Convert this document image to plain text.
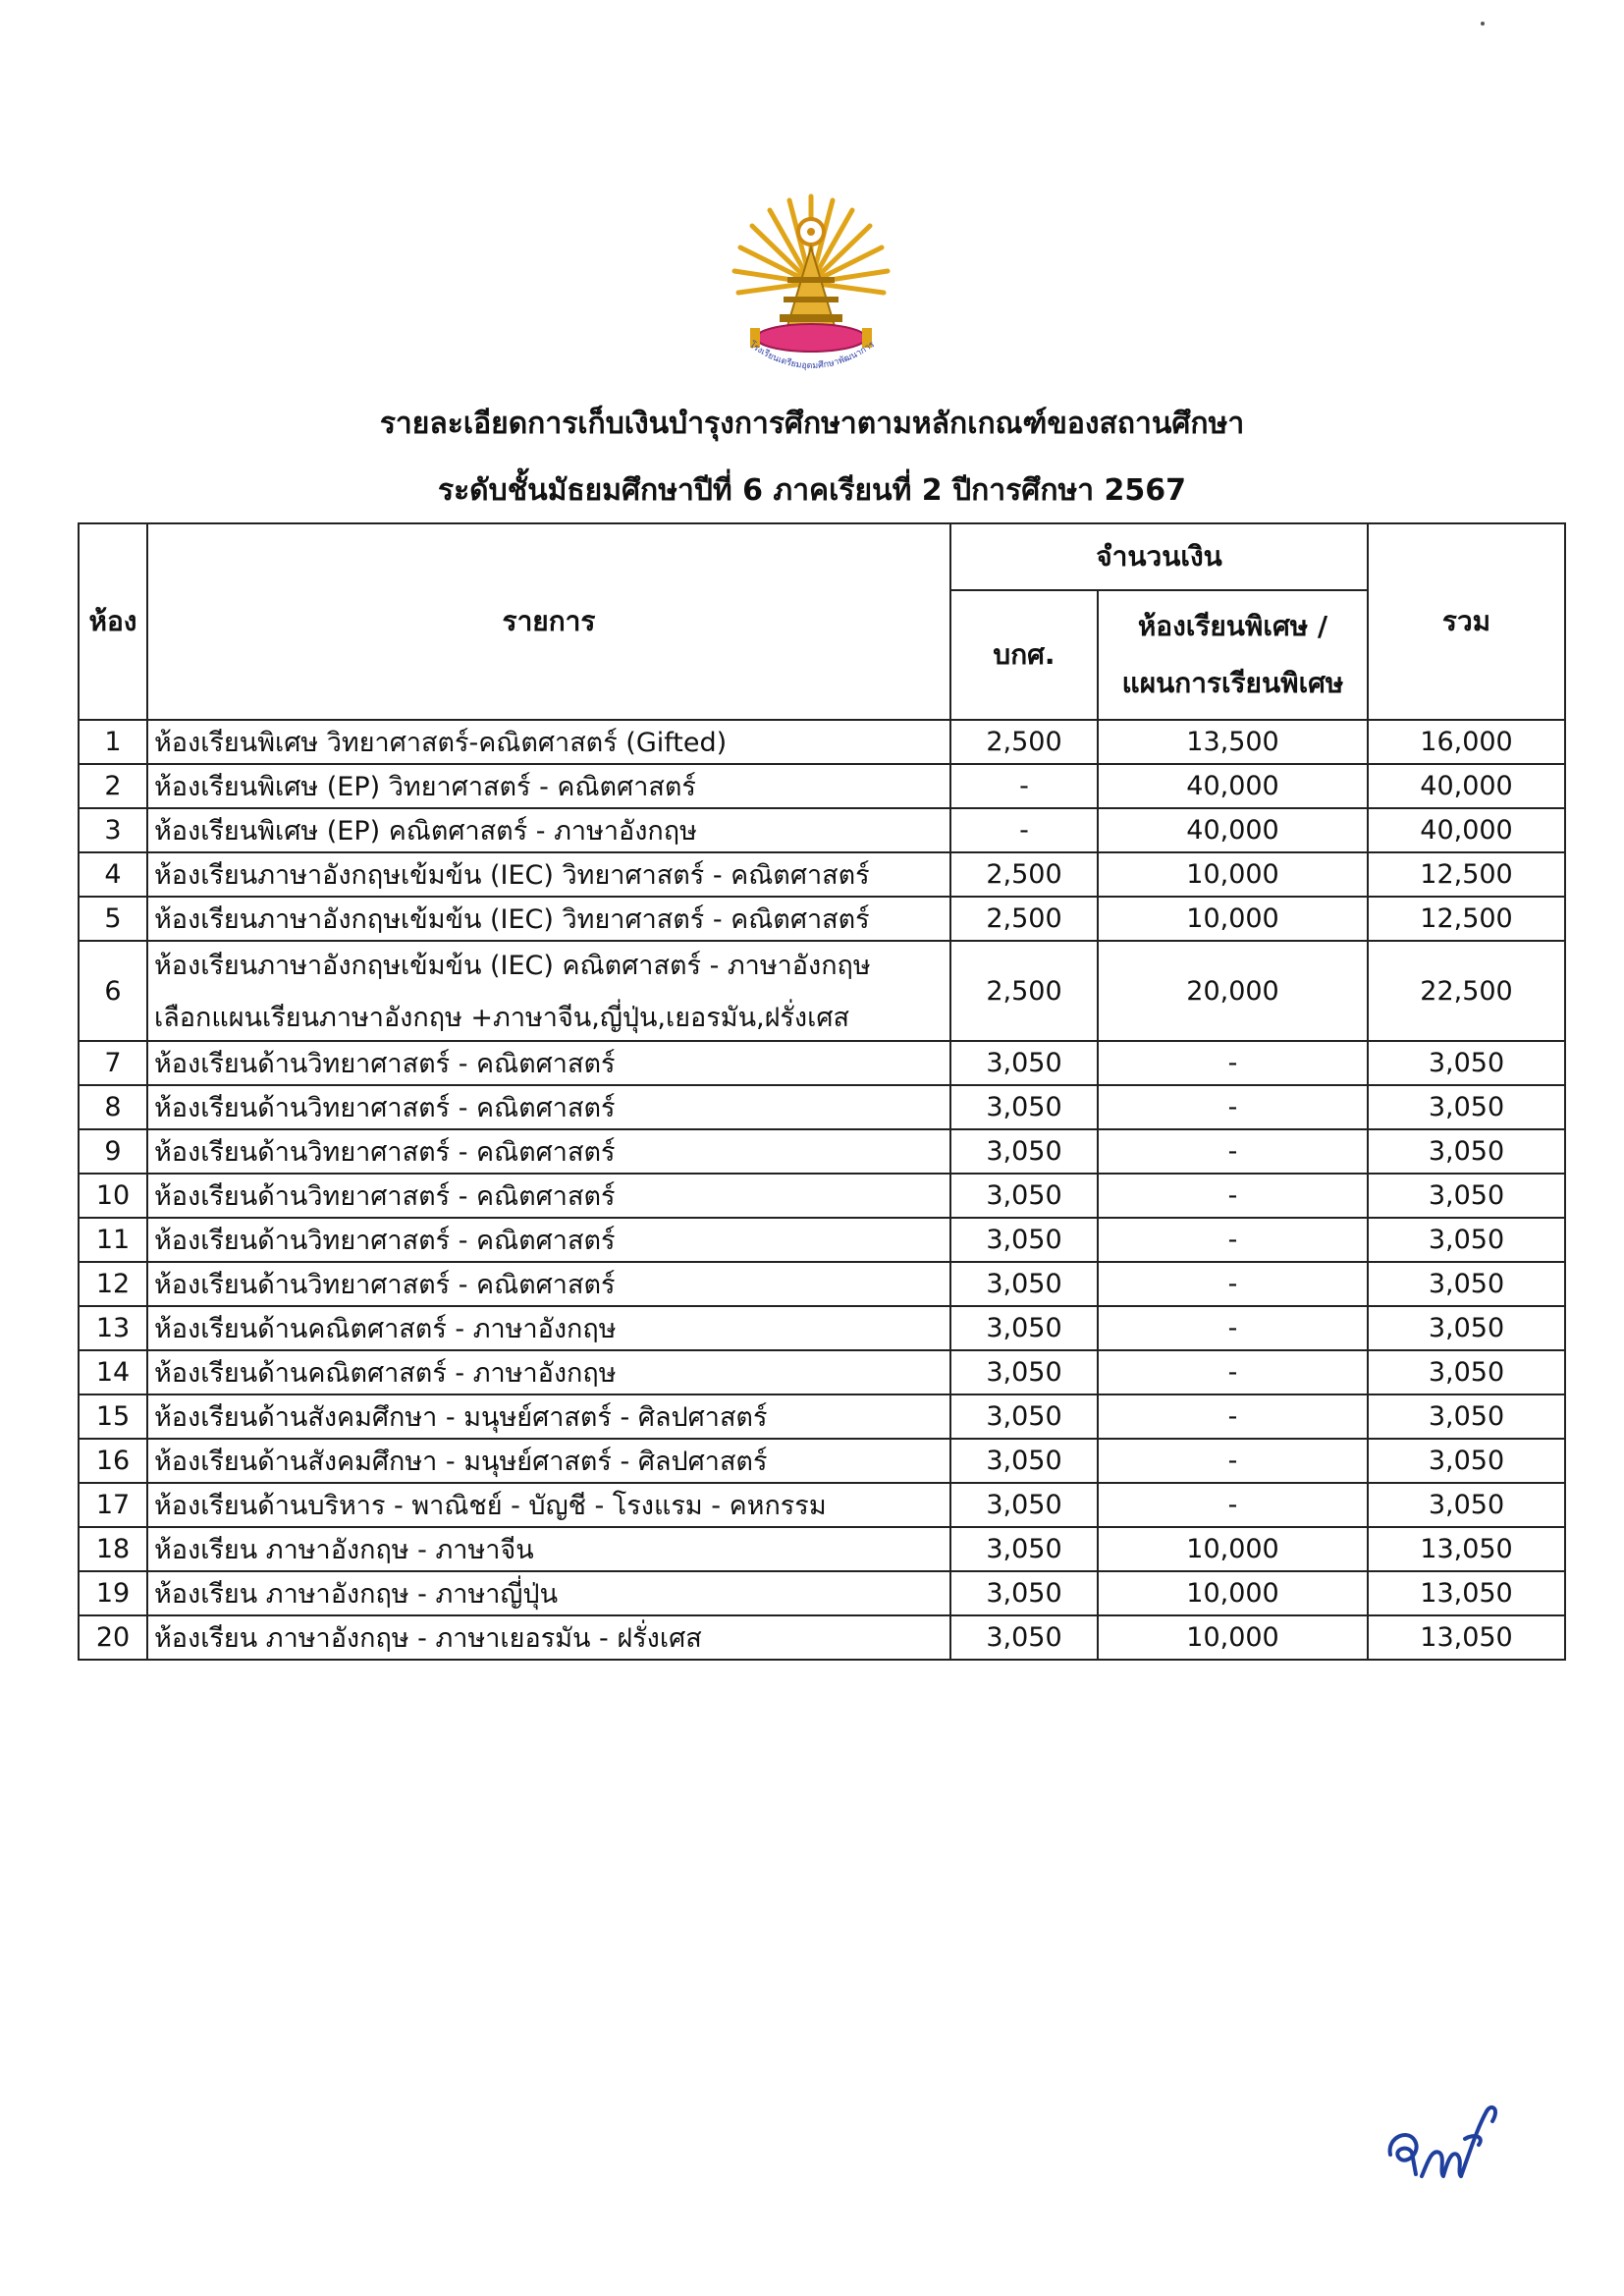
โรงเรียนเตรียมอุดมศึกษาพัฒนาการ
รายละเอียดการเก็บเงินบำรุงการศึกษาตามหลักเกณฑ์ของสถานศึกษา
ระดับชั้นมัธยมศึกษาปีที่ 6 ภาคเรียนที่ 2 ปีการศึกษา 2567
ห้อง	รายการ	จำนวนเงิน		รวม
		บกศ.	ห้องเรียนพิเศษ /
แผนการเรียนพิเศษ	

1	ห้องเรียนพิเศษ วิทยาศาสตร์-คณิตศาสตร์ (Gifted)	2,500	13,500	16,000
2	ห้องเรียนพิเศษ (EP) วิทยาศาสตร์ - คณิตศาสตร์	-	40,000	40,000
3	ห้องเรียนพิเศษ (EP) คณิตศาสตร์ - ภาษาอังกฤษ	-	40,000	40,000
4	ห้องเรียนภาษาอังกฤษเข้มข้น (IEC) วิทยาศาสตร์ - คณิตศาสตร์	2,500	10,000	12,500
5	ห้องเรียนภาษาอังกฤษเข้มข้น (IEC) วิทยาศาสตร์ - คณิตศาสตร์	2,500	10,000	12,500
6	ห้องเรียนภาษาอังกฤษเข้มข้น (IEC) คณิตศาสตร์ - ภาษาอังกฤษ
เลือกแผนเรียนภาษาอังกฤษ +ภาษาจีน,ญี่ปุ่น,เยอรมัน,ฝรั่งเศส	2,500	20,000	22,500
7	ห้องเรียนด้านวิทยาศาสตร์ - คณิตศาสตร์	3,050	-	3,050
8	ห้องเรียนด้านวิทยาศาสตร์ - คณิตศาสตร์	3,050	-	3,050
9	ห้องเรียนด้านวิทยาศาสตร์ - คณิตศาสตร์	3,050	-	3,050
10	ห้องเรียนด้านวิทยาศาสตร์ - คณิตศาสตร์	3,050	-	3,050
11	ห้องเรียนด้านวิทยาศาสตร์ - คณิตศาสตร์	3,050	-	3,050
12	ห้องเรียนด้านวิทยาศาสตร์ - คณิตศาสตร์	3,050	-	3,050
13	ห้องเรียนด้านคณิตศาสตร์ - ภาษาอังกฤษ	3,050	-	3,050
14	ห้องเรียนด้านคณิตศาสตร์ - ภาษาอังกฤษ	3,050	-	3,050
15	ห้องเรียนด้านสังคมศึกษา - มนุษย์ศาสตร์ - ศิลปศาสตร์	3,050	-	3,050
16	ห้องเรียนด้านสังคมศึกษา - มนุษย์ศาสตร์ - ศิลปศาสตร์	3,050	-	3,050
17	ห้องเรียนด้านบริหาร - พาณิชย์ - บัญชี - โรงแรม - คหกรรม	3,050	-	3,050
18	ห้องเรียน ภาษาอังกฤษ - ภาษาจีน	3,050	10,000	13,050
19	ห้องเรียน ภาษาอังกฤษ - ภาษาญี่ปุ่น	3,050	10,000	13,050
20	ห้องเรียน ภาษาอังกฤษ - ภาษาเยอรมัน - ฝรั่งเศส	3,050	10,000	13,050
